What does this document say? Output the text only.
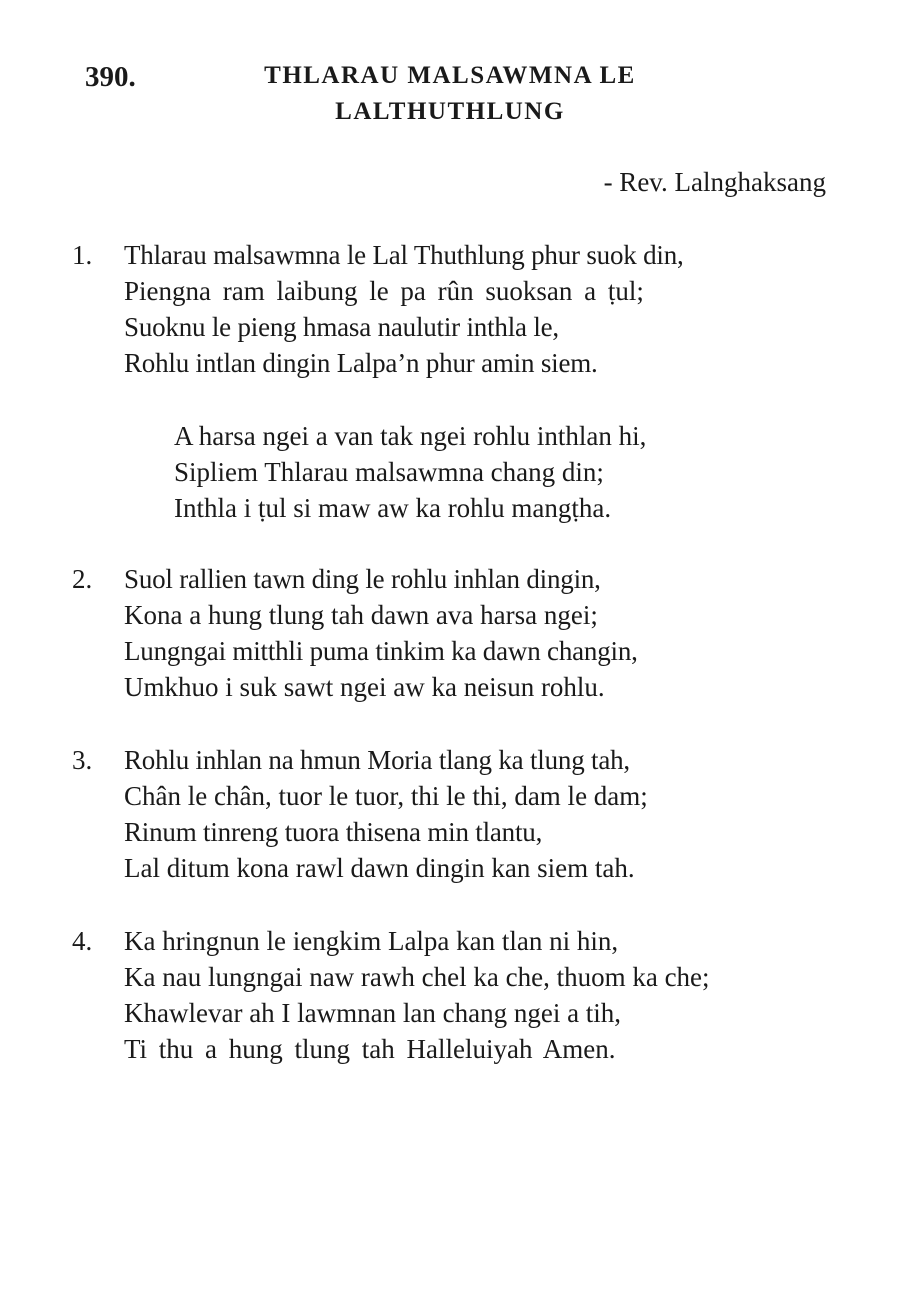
390.	THLARAU MALSAWMNA LE
LALTHUTHLUNG
- Rev. Lalnghaksang
1. Thlarau malsawmna le Lal Thuthlung phur suok din,
Piengna ram laibung le pa rûn suoksan a ṭul;
Suoknu le pieng hmasa naulutir inthla le,
Rohlu intlan dingin Lalpa’n phur amin siem.
A harsa ngei a van tak ngei rohlu inthlan hi,
Sipliem Thlarau malsawmna chang din;
Inthla i ṭul si maw aw ka rohlu mangṭha.
2. Suol rallien tawn ding le rohlu inhlan dingin,
Kona a hung tlung tah dawn ava harsa ngei;
Lungngai mitthli puma tinkim ka dawn changin,
Umkhuo i suk sawt ngei aw ka neisun rohlu.
3. Rohlu inhlan na hmun Moria tlang ka tlung tah,
Chân le chân, tuor le tuor, thi le thi, dam le dam;
Rinum tinreng tuora thisena min tlantu,
Lal ditum kona rawl dawn dingin kan siem tah.
4. Ka hringnun le iengkim Lalpa kan tlan ni hin,
Ka nau lungngai naw rawh chel ka che, thuom ka che;
Khawlevar ah I lawmnan lan chang ngei a tih,
Ti thu a hung tlung tah Halleluiyah Amen.
